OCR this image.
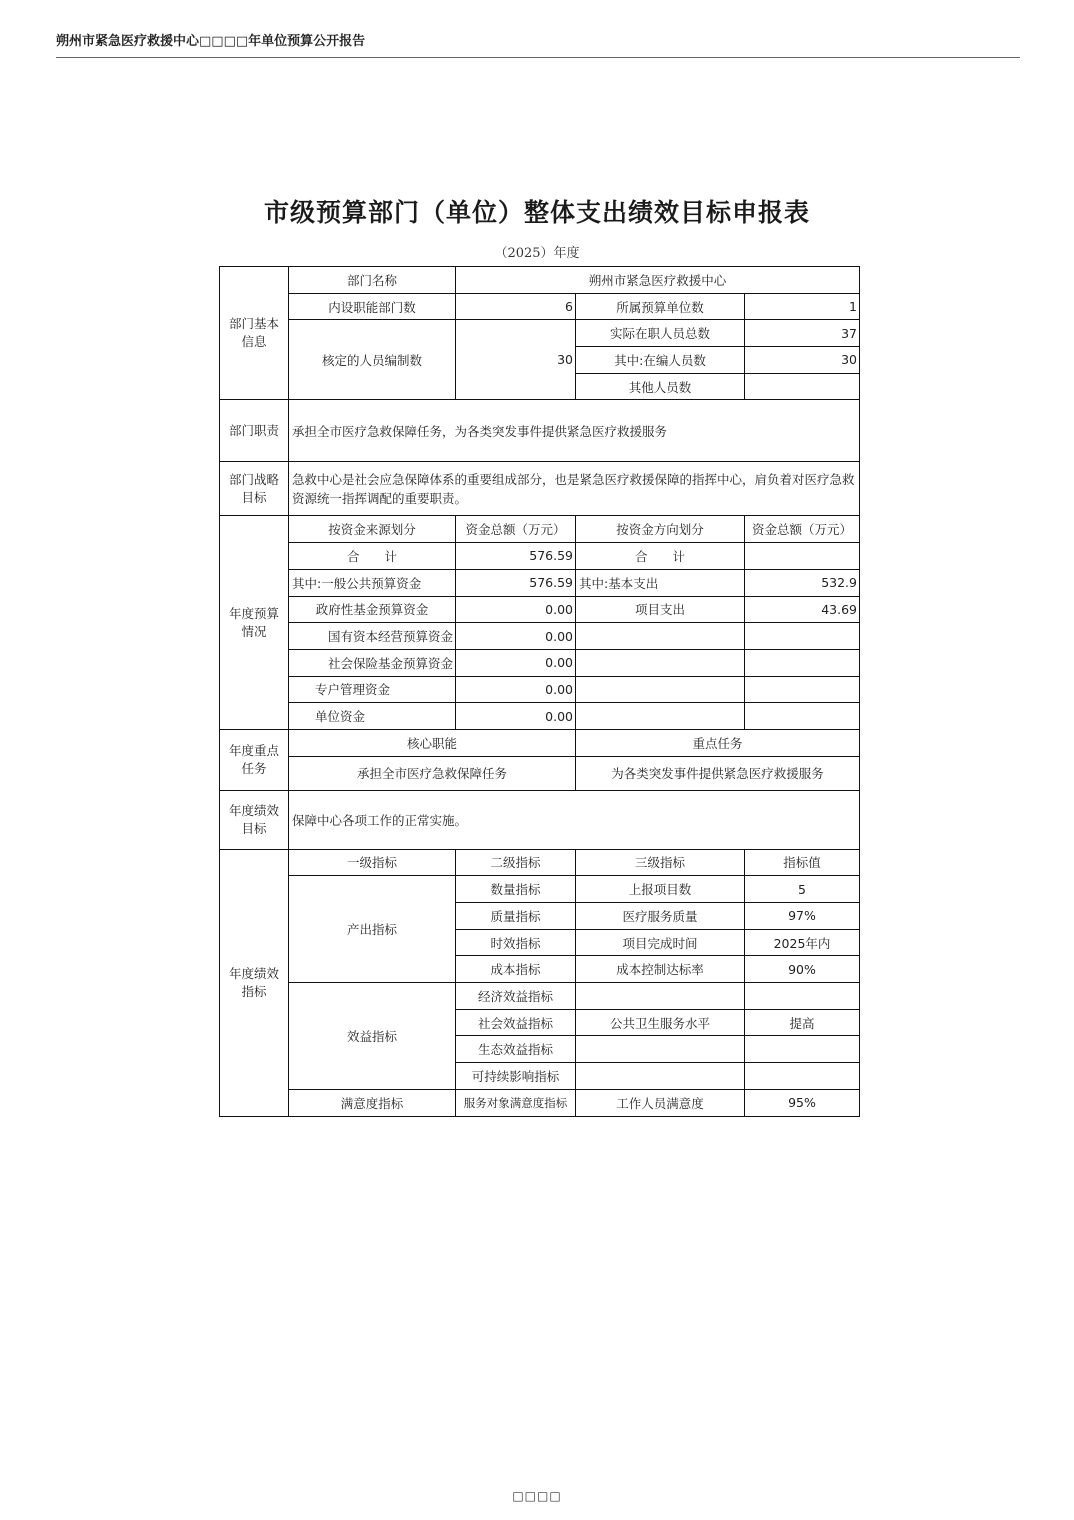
朔州市紧急医疗救援中心□□□□年单位预算公开报告
市级预算部门（单位）整体支出绩效目标申报表
（2025）年度
部门基本信息	部门名称	朔州市紧急医疗救援中心		
	内设职能部门数	6	所属预算单位数	1
	核定的人员编制数	30	实际在职人员总数	37
			其中:在编人员数	30
			其他人员数	
部门职责	承担全市医疗急救保障任务，为各类突发事件提供紧急医疗救援服务			
部门战略目标	急救中心是社会应急保障体系的重要组成部分，也是紧急医疗救援保障的指挥中心，肩负着对医疗急救资源统一指挥调配的重要职责。			
年度预算情况	按资金来源划分	资金总额（万元）	按资金方向划分	资金总额（万元）
	合　　计	576.59	合　　计	
	其中:一般公共预算资金	576.59	其中:基本支出	532.9
	政府性基金预算资金	0.00	项目支出	43.69
	国有资本经营预算资金	0.00		
	社会保险基金预算资金	0.00		
	专户管理资金	0.00		
	单位资金	0.00		
年度重点任务	核心职能		重点任务	
	承担全市医疗急救保障任务		为各类突发事件提供紧急医疗救援服务	
年度绩效目标	保障中心各项工作的正常实施。			
年度绩效指标	一级指标	二级指标	三级指标	指标值
	产出指标	数量指标	上报项目数	5
		质量指标	医疗服务质量	97%
		时效指标	项目完成时间	2025年内
		成本指标	成本控制达标率	90%
	效益指标	经济效益指标		
		社会效益指标	公共卫生服务水平	提高
		生态效益指标		
		可持续影响指标		
	满意度指标	服务对象满意度指标	工作人员满意度	95%
□□□□
